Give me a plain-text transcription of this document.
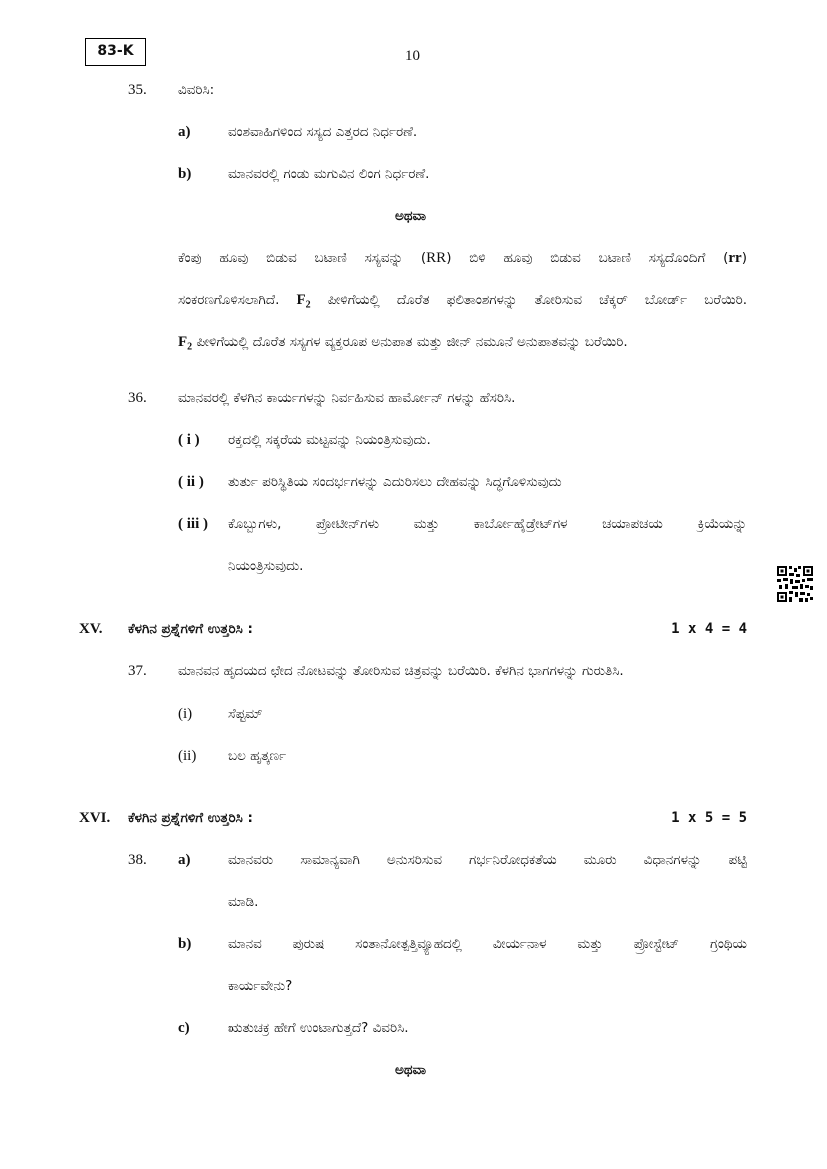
83-K	10
35. ವಿವರಿಸಿ:
a)	ವಂಶವಾಹಿಗಳಿಂದ ಸಸ್ಯದ ಎತ್ತರದ ನಿರ್ಧರಣೆ.
b)	ಮಾನವರಲ್ಲಿ ಗಂಡು ಮಗುವಿನ ಲಿಂಗ ನಿರ್ಧರಣೆ.
ಅಥವಾ
ಕೆಂಪು ಹೂವು ಬಿಡುವ ಬಟಾಣಿ ಸಸ್ಯವನ್ನು (RR) ಬಿಳಿ ಹೂವು ಬಿಡುವ ಬಟಾಣಿ ಸಸ್ಯದೊಂದಿಗೆ (rr)
ಸಂಕರಣಗೊಳಿಸಲಾಗಿದೆ. $F_2$ ಪೀಳಿಗೆಯಲ್ಲಿ ದೊರೆತ ಫಲಿತಾಂಶಗಳನ್ನು ತೋರಿಸುವ ಚೆಕ್ಕರ್ ಬೋರ್ಡ್ ಬರೆಯಿರಿ.
$F_2$ ಪೀಳಿಗೆಯಲ್ಲಿ ದೊರೆತ ಸಸ್ಯಗಳ ವ್ಯಕ್ತರೂಪ ಅನುಪಾತ ಮತ್ತು ಜೀನ್ ನಮೂನೆ ಅನುಪಾತವನ್ನು ಬರೆಯಿರಿ.
36. ಮಾನವರಲ್ಲಿ ಕೆಳಗಿನ ಕಾರ್ಯಗಳನ್ನು ನಿರ್ವಹಿಸುವ ಹಾರ್ಮೋನ್ ಗಳನ್ನು ಹೆಸರಿಸಿ.
( i ) ರಕ್ತದಲ್ಲಿ ಸಕ್ಕರೆಯ ಮಟ್ಟವನ್ನು ನಿಯಂತ್ರಿಸುವುದು.
( ii ) ತುರ್ತು ಪರಿಸ್ಥಿತಿಯ ಸಂದರ್ಭಗಳನ್ನು ಎದುರಿಸಲು ದೇಹವನ್ನು ಸಿದ್ಧಗೊಳಿಸುವುದು
( iii ) ಕೊಬ್ಬುಗಳು, ಪ್ರೋಟೀನ್‌ಗಳು ಮತ್ತು ಕಾರ್ಬೋಹೈಡ್ರೇಟ್‌ಗಳ ಚಯಾಪಚಯ ಕ್ರಿಯೆಯನ್ನು
ನಿಯಂತ್ರಿಸುವುದು.
XV. ಕೆಳಗಿನ ಪ್ರಶ್ನೆಗಳಿಗೆ ಉತ್ತರಿಸಿ :	1 x 4 = 4
37. ಮಾನವನ ಹೃದಯದ ಛೇದ ನೋಟವನ್ನು ತೋರಿಸುವ ಚಿತ್ರವನ್ನು ಬರೆಯಿರಿ. ಕೆಳಗಿನ ಭಾಗಗಳನ್ನು ಗುರುತಿಸಿ.
(i)	ಸೆಪ್ಟಮ್
(ii) ಬಲ ಹೃತ್ಕರ್ಣ
XVI. ಕೆಳಗಿನ ಪ್ರಶ್ನೆಗಳಿಗೆ ಉತ್ತರಿಸಿ :	1 x 5 = 5
38. a)	ಮಾನವರು ಸಾಮಾನ್ಯವಾಗಿ ಅನುಸರಿಸುವ ಗರ್ಭನಿರೋಧಕತೆಯ ಮೂರು ವಿಧಾನಗಳನ್ನು ಪಟ್ಟಿ
ಮಾಡಿ.
b)	ಮಾನವ ಪುರುಷ ಸಂತಾನೋತ್ಪತ್ತಿವ್ಯೂಹದಲ್ಲಿ ವೀರ್ಯನಾಳ ಮತ್ತು ಪ್ರೋಸ್ಟೇಟ್ ಗ್ರಂಥಿಯ
ಕಾರ್ಯವೇನು?
c)	ಋತುಚಕ್ರ ಹೇಗೆ ಉಂಟಾಗುತ್ತದೆ? ವಿವರಿಸಿ.
ಅಥವಾ
